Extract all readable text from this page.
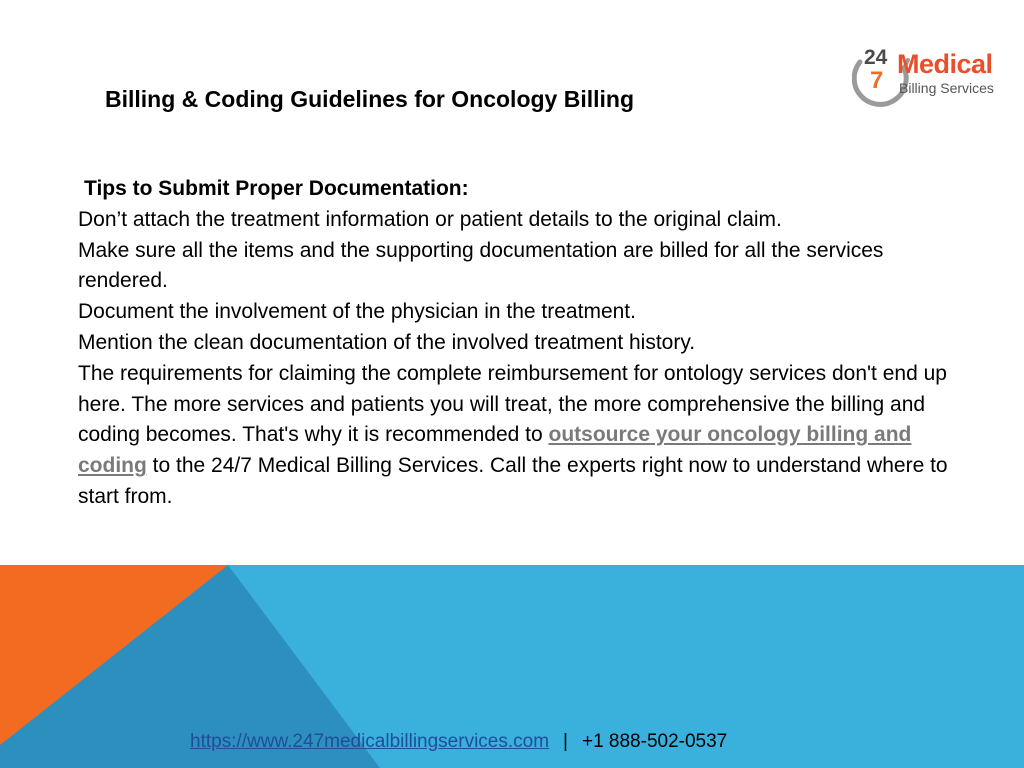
Billing & Coding Guidelines for Oncology Billing
24
7
Medical
Billing Services

Tips to Submit Proper Documentation:

Don’t attach the treatment information or patient details to the original claim.

Make sure all the items and the supporting documentation are billed for all the services rendered.

Document the involvement of the physician in the treatment.

Mention the clean documentation of the involved treatment history.

The requirements for claiming the complete reimbursement for ontology services don't end up here. The more services and patients you will treat, the more comprehensive the billing and coding becomes. That's why it is recommended to outsource your oncology billing and coding to the 24/7 Medical Billing Services. Call the experts right now to understand where to start from.

https://www.247medicalbillingservices.com | +1 888-502-0537
